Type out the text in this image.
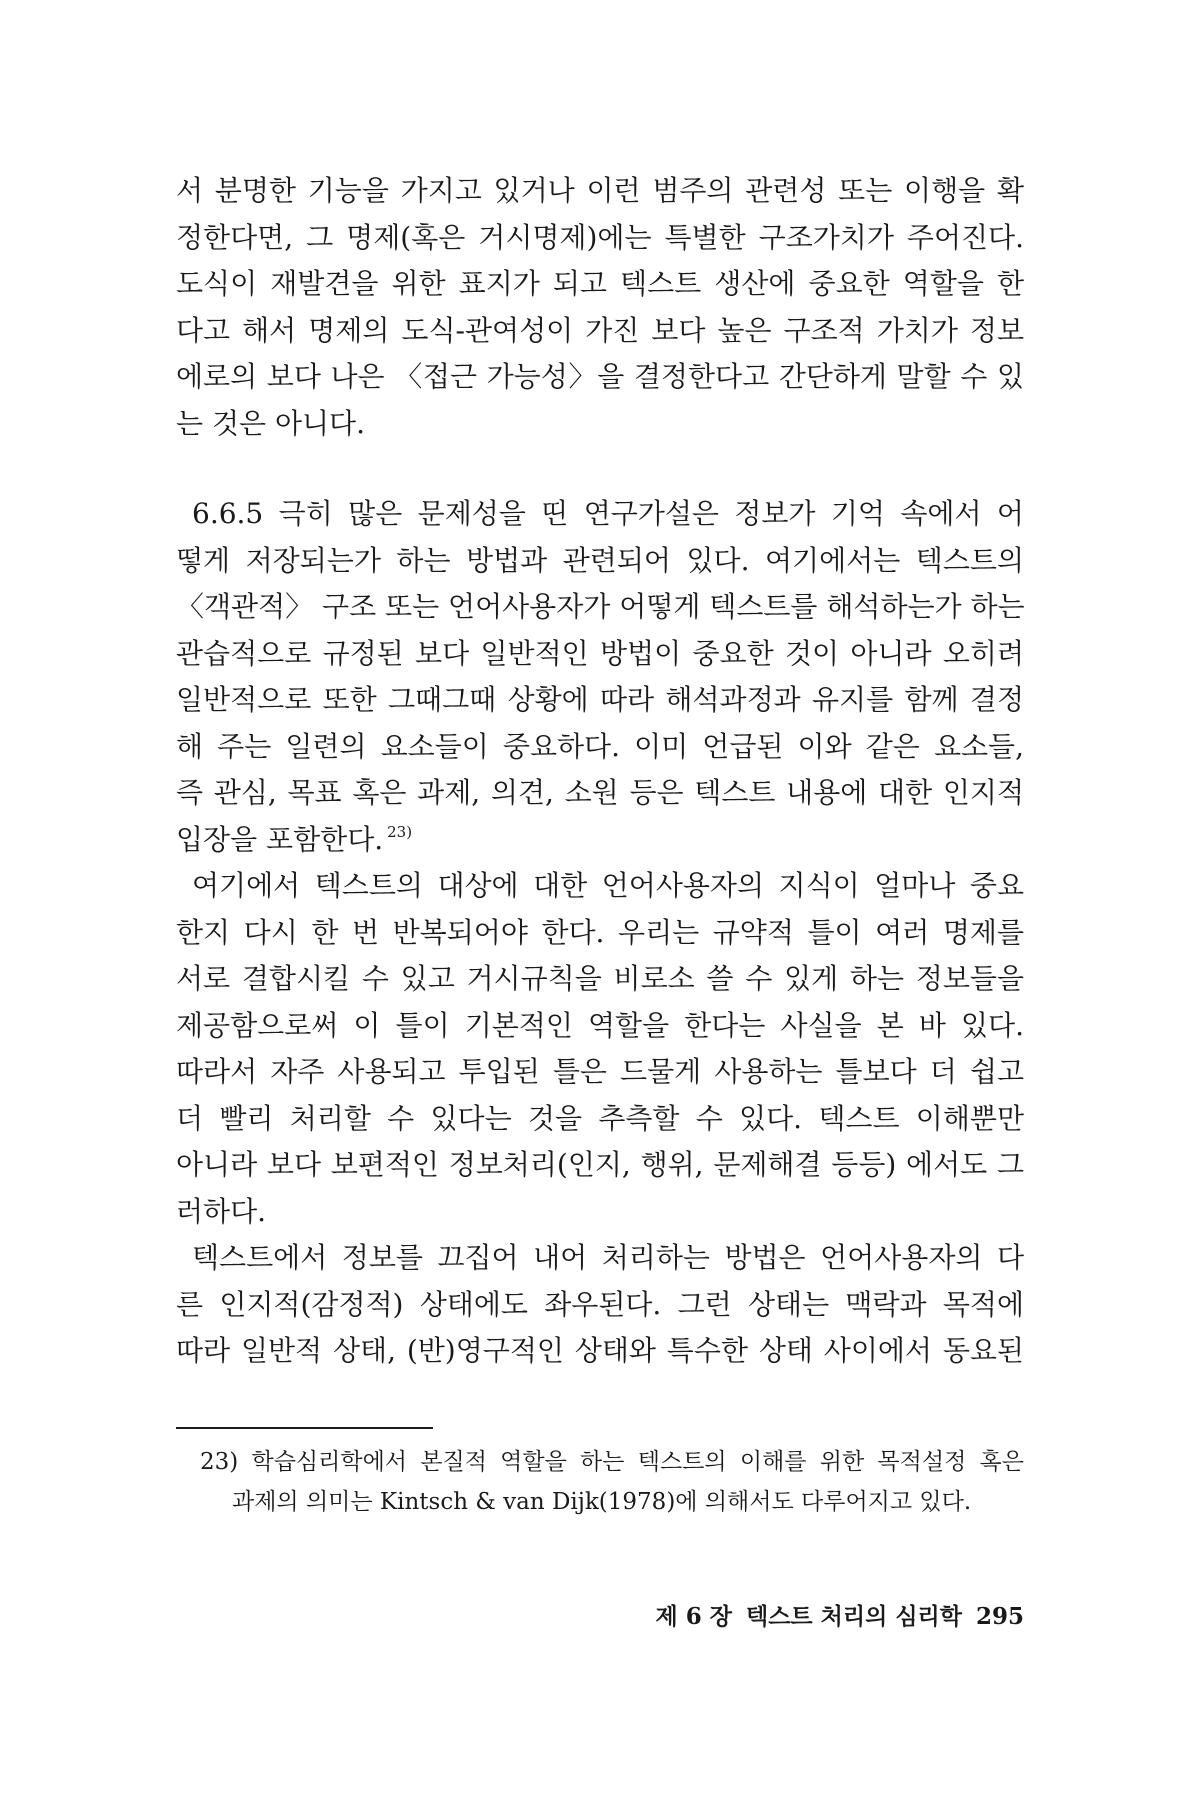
서 분명한 기능을 가지고 있거나 이런 범주의 관련성 또는 이행을 확
정한다면, 그 명제(혹은 거시명제)에는 특별한 구조가치가 주어진다.
도식이 재발견을 위한 표지가 되고 텍스트 생산에 중요한 역할을 한
다고 해서 명제의 도식-관여성이 가진 보다 높은 구조적 가치가 정보
에로의 보다 나은 〈접근 가능성〉을 결정한다고 간단하게 말할 수 있
는 것은 아니다.
6.6.5 극히 많은 문제성을 띤 연구가설은 정보가 기억 속에서 어
떻게 저장되는가 하는 방법과 관련되어 있다. 여기에서는 텍스트의
〈객관적〉 구조 또는 언어사용자가 어떻게 텍스트를 해석하는가 하는
관습적으로 규정된 보다 일반적인 방법이 중요한 것이 아니라 오히려
일반적으로 또한 그때그때 상황에 따라 해석과정과 유지를 함께 결정
해 주는 일련의 요소들이 중요하다. 이미 언급된 이와 같은 요소들,
즉 관심, 목표 혹은 과제, 의견, 소원 등은 텍스트 내용에 대한 인지적
입장을 포함한다. $^{23)}$
여기에서 텍스트의 대상에 대한 언어사용자의 지식이 얼마나 중요
한지 다시 한 번 반복되어야 한다. 우리는 규약적 틀이 여러 명제를
서로 결합시킬 수 있고 거시규칙을 비로소 쓸 수 있게 하는 정보들을
제공함으로써 이 틀이 기본적인 역할을 한다는 사실을 본 바 있다.
따라서 자주 사용되고 투입된 틀은 드물게 사용하는 틀보다 더 쉽고
더 빨리 처리할 수 있다는 것을 추측할 수 있다. 텍스트 이해뿐만
아니라 보다 보편적인 정보처리(인지, 행위, 문제해결 등등) 에서도 그
러하다.
텍스트에서 정보를 끄집어 내어 처리하는 방법은 언어사용자의 다
른 인지적(감정적) 상태에도 좌우된다. 그런 상태는 맥락과 목적에
따라 일반적 상태, (반)영구적인 상태와 특수한 상태 사이에서 동요된
23) 학습심리학에서 본질적 역할을 하는 텍스트의 이해를 위한 목적설정 혹은
과제의 의미는 Kintsch & van Dijk(1978)에 의해서도 다루어지고 있다.
제 6 장 텍스트 처리의 심리학 295
